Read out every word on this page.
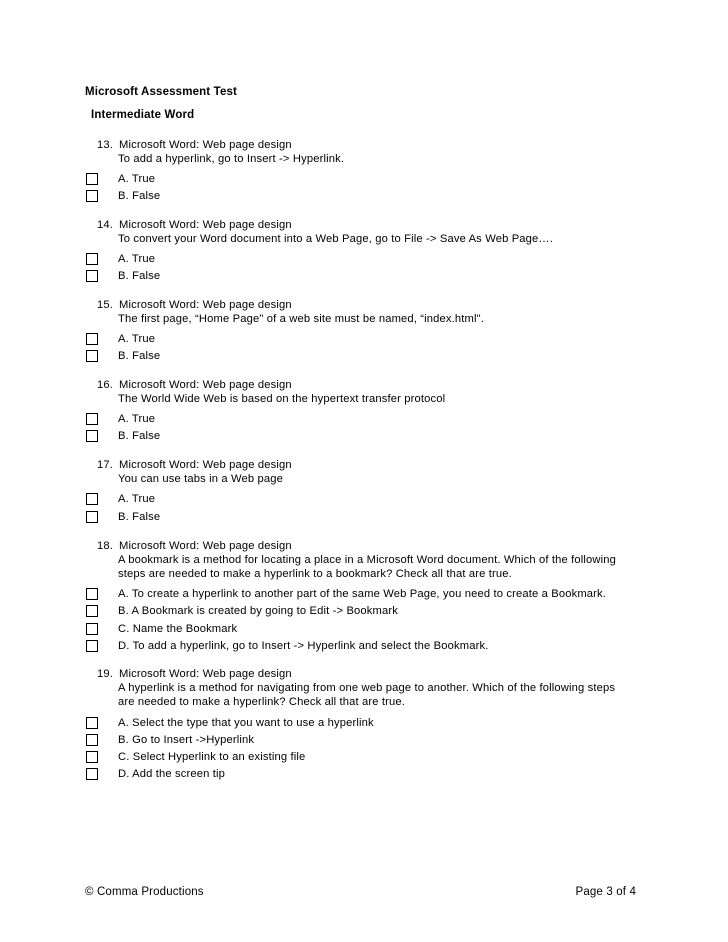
Microsoft Assessment Test
Intermediate Word
13. Microsoft Word: Web page design
To add a hyperlink, go to Insert -> Hyperlink.
A. True
B. False
14. Microsoft Word: Web page design
To convert your Word document into a Web Page, go to File -> Save As Web Page….
A. True
B. False
15. Microsoft Word: Web page design
The first page, “Home Page" of a web site must be named, “index.html".
A. True
B. False
16. Microsoft Word: Web page design
The World Wide Web is based on the hypertext transfer protocol
A. True
B. False
17. Microsoft Word: Web page design
You can use tabs in a Web page
A. True
B. False
18. Microsoft Word: Web page design
A bookmark is a method for locating a place in a Microsoft Word document. Which of the following
steps are needed to make a hyperlink to a bookmark? Check all that are true.
A. To create a hyperlink to another part of the same Web Page, you need to create a Bookmark.
B. A Bookmark is created by going to Edit -> Bookmark
C. Name the Bookmark
D. To add a hyperlink, go to Insert -> Hyperlink and select the Bookmark.
19. Microsoft Word: Web page design
A hyperlink is a method for navigating from one web page to another. Which of the following steps
are needed to make a hyperlink? Check all that are true.
A. Select the type that you want to use a hyperlink
B. Go to Insert ->Hyperlink
C. Select Hyperlink to an existing file
D. Add the screen tip
© Comma Productions	Page 3 of 4
